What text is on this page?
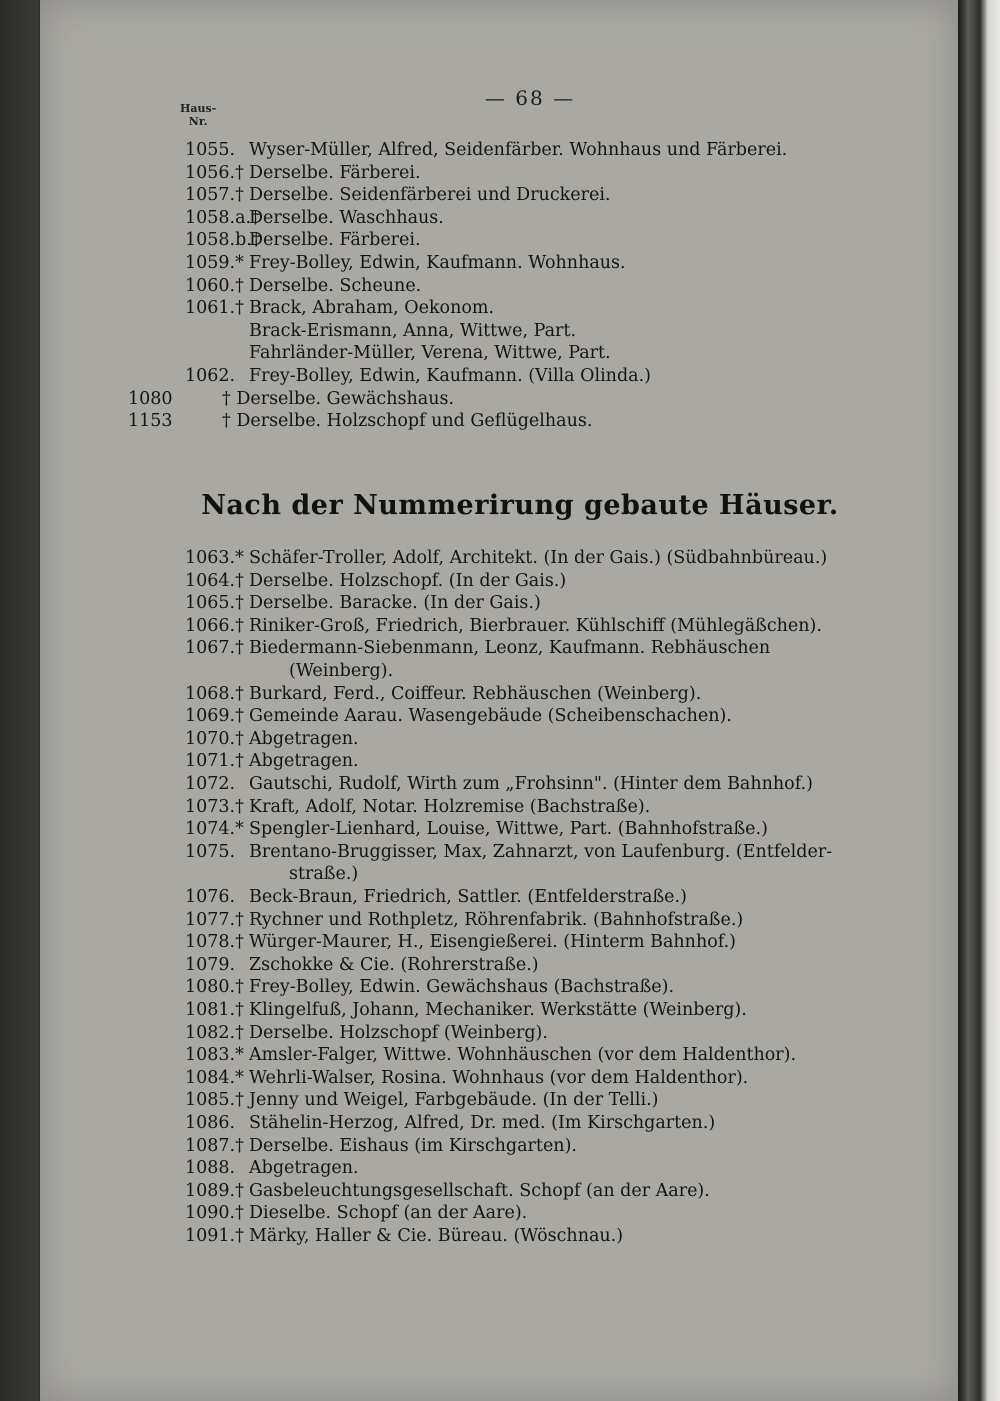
— 68 —
Haus-
Nr.
Nach der Nummerirung gebaute Häuser.
1055. Wyser-Müller, Alfred, Seidenfärber. Wohnhaus und Färberei.
1056.† Derselbe. Färberei.
1057.† Derselbe. Seidenfärberei und Druckerei.
1058.a.†
Derselbe. Waschhaus.
1058.b.†
Derselbe. Färberei.
1059.* Frey-Bolley, Edwin, Kaufmann. Wohnhaus.
1060.† Derselbe. Scheune.
1061.† Brack, Abraham, Oekonom.
Brack-Erismann, Anna, Wittwe, Part.
Fahrländer-Müller, Verena, Wittwe, Part.
1062. Frey-Bolley, Edwin, Kaufmann. (Villa Olinda.)
1080	† Derselbe. Gewächshaus.
1153	† Derselbe. Holzschopf und Geflügelhaus.
1063.* Schäfer-Troller, Adolf, Architekt. (In der Gais.) (Südbahnbüreau.)
1064.† Derselbe. Holzschopf. (In der Gais.)
1065.† Derselbe. Baracke. (In der Gais.)
1066.† Riniker-Groß, Friedrich, Bierbrauer. Kühlschiff (Mühlegäßchen).
1067.† Biedermann-Siebenmann, Leonz, Kaufmann. Rebhäuschen
(Weinberg).
1068.† Burkard, Ferd., Coiffeur. Rebhäuschen (Weinberg).
1069.† Gemeinde Aarau. Wasengebäude (Scheibenschachen).
1070.† Abgetragen.
1071.† Abgetragen.
1072. Gautschi, Rudolf, Wirth zum „Frohsinn". (Hinter dem Bahnhof.)
1073.† Kraft, Adolf, Notar. Holzremise (Bachstraße).
1074.* Spengler-Lienhard, Louise, Wittwe, Part. (Bahnhofstraße.)
1075. Brentano-Bruggisser, Max, Zahnarzt, von Laufenburg. (Entfelder-
straße.)
1076. Beck-Braun, Friedrich, Sattler. (Entfelderstraße.)
1077.† Rychner und Rothpletz, Röhrenfabrik. (Bahnhofstraße.)
1078.† Würger-Maurer, H., Eisengießerei. (Hinterm Bahnhof.)
1079. Zschokke & Cie. (Rohrerstraße.)
1080.† Frey-Bolley, Edwin. Gewächshaus (Bachstraße).
1081.† Klingelfuß, Johann, Mechaniker. Werkstätte (Weinberg).
1082.† Derselbe. Holzschopf (Weinberg).
1083.* Amsler-Falger, Wittwe. Wohnhäuschen (vor dem Haldenthor).
1084.* Wehrli-Walser, Rosina. Wohnhaus (vor dem Haldenthor).
1085.† Jenny und Weigel, Farbgebäude. (In der Telli.)
1086. Stähelin-Herzog, Alfred, Dr. med. (Im Kirschgarten.)
1087.† Derselbe. Eishaus (im Kirschgarten).
1088. Abgetragen.
1089.† Gasbeleuchtungsgesellschaft. Schopf (an der Aare).
1090.† Dieselbe. Schopf (an der Aare).
1091.† Märky, Haller & Cie. Büreau. (Wöschnau.)
